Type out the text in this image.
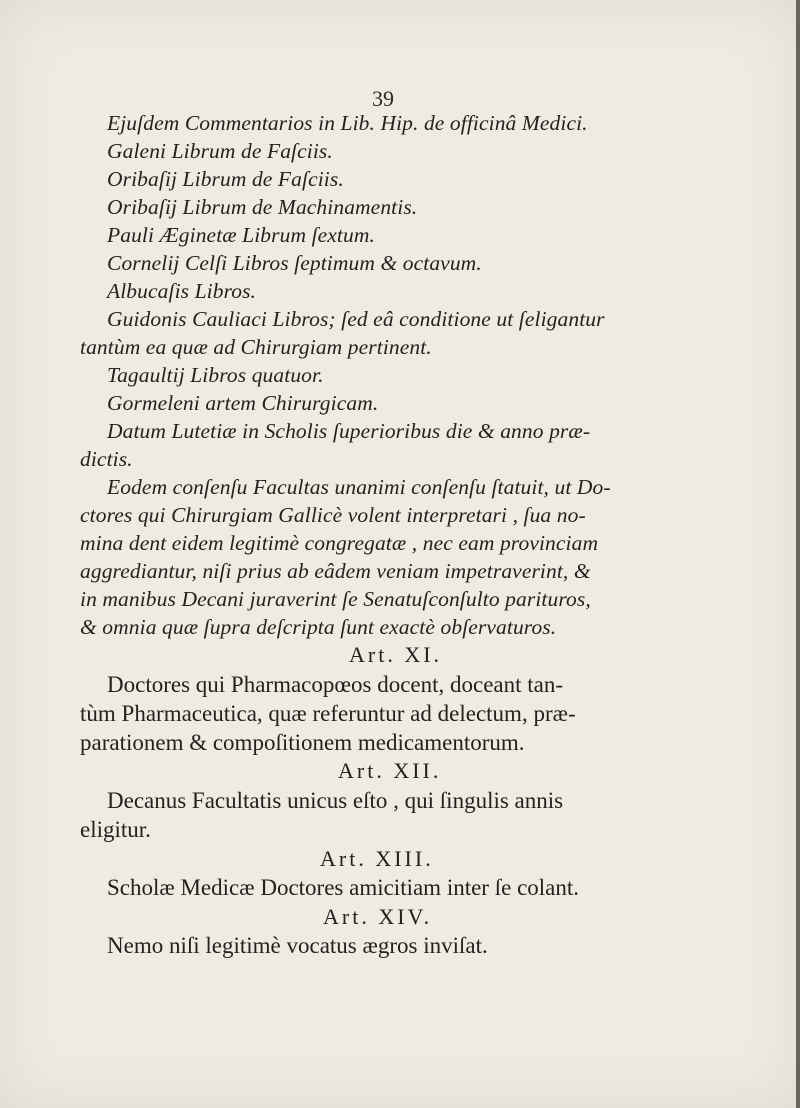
39

Ejuſdem Commentarios in Lib. Hip. de officinâ Medici.

Galeni Librum de Faſciis.

Oribaſij Librum de Faſciis.

Oribaſij Librum de Machinamentis.

Pauli Æginetæ Librum ſextum.

Cornelij Celſi Libros ſeptimum & octavum.

Albucaſis Libros.

Guidonis Cauliaci Libros; ſed eâ conditione ut ſeligantur

tantùm ea quæ ad Chirurgiam pertinent.

Tagaultij Libros quatuor.

Gormeleni artem Chirurgicam.

Datum Lutetiæ in Scholis ſuperioribus die & anno præ-

dictis.

Eodem conſenſu Facultas unanimi conſenſu ſtatuit, ut Do-

ctores qui Chirurgiam Gallicè volent interpretari , ſua no-

mina dent eidem legitimè congregatæ , nec eam provinciam

aggrediantur, niſi prius ab eâdem veniam impetraverint, &

in manibus Decani juraverint ſe Senatuſconſulto parituros,

& omnia quæ ſupra deſcripta ſunt exactè obſervaturos.

Art. XI.

Doctores qui Pharmacopœos docent, doceant tan-

tùm Pharmaceutica, quæ referuntur ad delectum, præ-

parationem & compoſitionem medicamentorum.

Art. XII.

Decanus Facultatis unicus eſto , qui ſingulis annis

eligitur.

Art. XIII.

Scholæ Medicæ Doctores amicitiam inter ſe colant.

Art. XIV.

Nemo niſi legitimè vocatus ægros inviſat.
